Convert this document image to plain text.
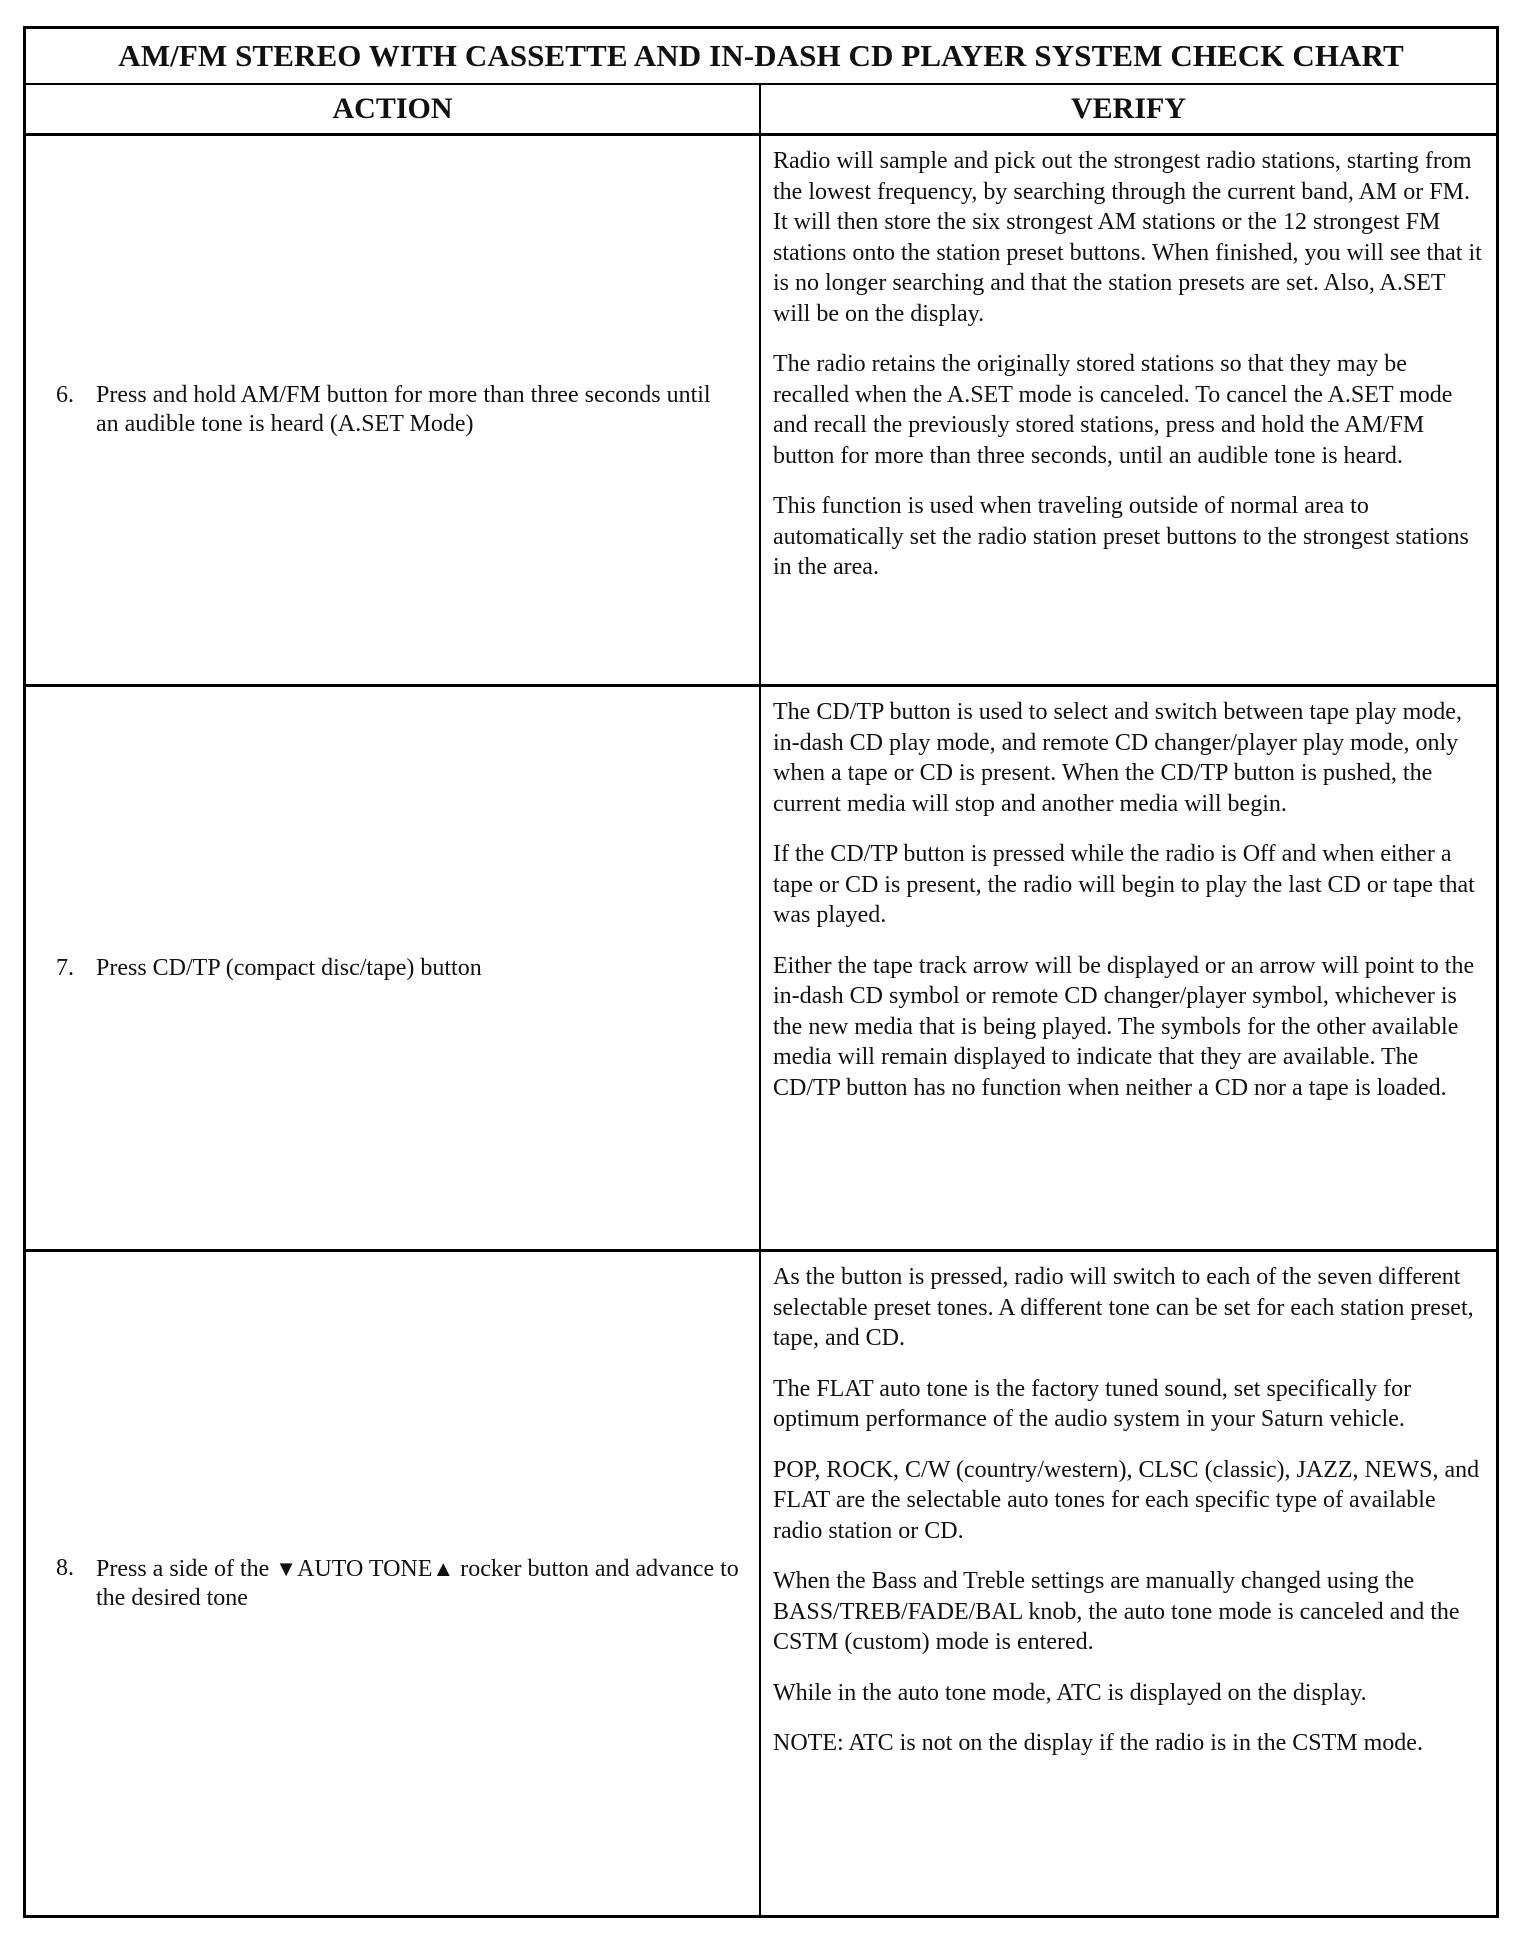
AM/FM STEREO WITH CASSETTE AND IN-DASH CD PLAYER SYSTEM CHECK CHART
ACTION	VERIFY
6. Press and hold AM/FM button for more than three seconds until an audible tone is heard (A.SET Mode)

Radio will sample and pick out the strongest radio stations, starting from the lowest frequency, by searching through the current band, AM or FM. It will then store the six strongest AM stations or the 12 strongest FM stations onto the station preset buttons. When finished, you will see that it is no longer searching and that the station presets are set. Also, A.SET will be on the display.

The radio retains the originally stored stations so that they may be recalled when the A.SET mode is canceled. To cancel the A.SET mode and recall the previously stored stations, press and hold the AM/FM button for more than three seconds, until an audible tone is heard.

This function is used when traveling outside of normal area to automatically set the radio station preset buttons to the strongest stations in the area.

7. Press CD/TP (compact disc/tape) button

The CD/TP button is used to select and switch between tape play mode, in-dash CD play mode, and remote CD changer/player play mode, only when a tape or CD is present. When the CD/TP button is pushed, the current media will stop and another media will begin.

If the CD/TP button is pressed while the radio is Off and when either a tape or CD is present, the radio will begin to play the last CD or tape that was played.

Either the tape track arrow will be displayed or an arrow will point to the in-dash CD symbol or remote CD changer/player symbol, whichever is the new media that is being played. The symbols for the other available media will remain displayed to indicate that they are available. The CD/TP button has no function when neither a CD nor a tape is loaded.

8. Press a side of the ▼AUTO TONE▲ rocker button and advance to the desired tone

As the button is pressed, radio will switch to each of the seven different selectable preset tones. A different tone can be set for each station preset, tape, and CD.

The FLAT auto tone is the factory tuned sound, set specifically for optimum performance of the audio system in your Saturn vehicle.

POP, ROCK, C/W (country/western), CLSC (classic), JAZZ, NEWS, and FLAT are the selectable auto tones for each specific type of available radio station or CD.

When the Bass and Treble settings are manually changed using the BASS/TREB/FADE/BAL knob, the auto tone mode is canceled and the CSTM (custom) mode is entered.

While in the auto tone mode, ATC is displayed on the display.

NOTE: ATC is not on the display if the radio is in the CSTM mode.
